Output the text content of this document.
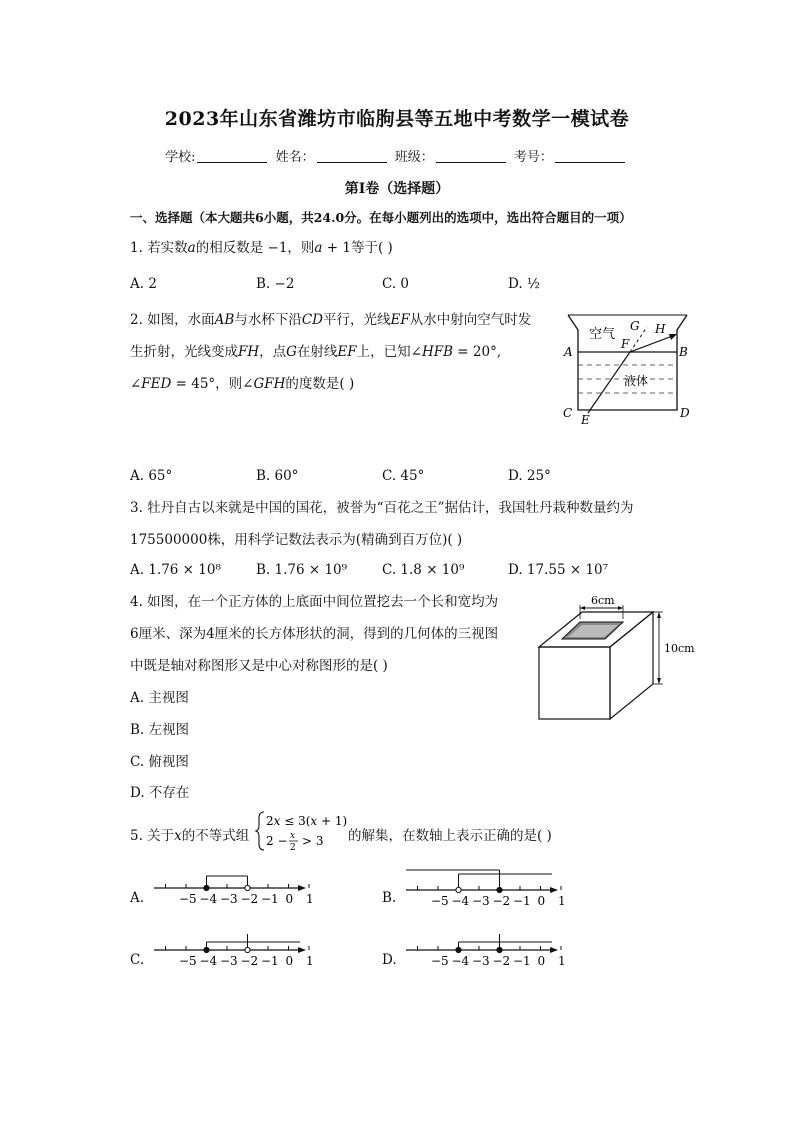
2023年山东省潍坊市临朐县等五地中考数学一模试卷
学校:	姓名：	班级：	考号：
第I卷（选择题）
一、选择题（本大题共6小题，共24.0分。在每小题列出的选项中，选出符合题目的一项）
1. 若实数𝑎的相反数是 −1，则𝑎 + 1等于( )
A. 2	B. −2	C. 0	D. ½
2. 如图，水面𝐴𝐵与水杯下沿𝐶𝐷平行，光线𝐸𝐹从水中射向空气时发
生折射，光线变成𝐹𝐻，点𝐺在射线𝐸𝐹上，已知∠𝐻𝐹𝐵 = 20°,
∠𝐹𝐸𝐷 = 45°，则∠𝐺𝐹𝐻的度数是( )
空气
液体
G H
F
A	B
C	D
E
A. 65°	B. 60°	C. 45°	D. 25°
3. 牡丹自古以来就是中国的国花，被誉为“百花之王”据估计，我国牡丹栽种数量约为
175500000株，用科学记数法表示为(精确到百万位)( )
A. 1.76 × 10⁸	B. 1.76 × 10⁹	C. 1.8 × 10⁹	D. 17.55 × 10⁷
4. 如图，在一个正方体的上底面中间位置挖去一个长和宽均为
6厘米、深为4厘米的长方体形状的洞，得到的几何体的三视图
中既是轴对称图形又是中心对称图形的是( )
A. 主视图
B. 左视图
C. 俯视图
D. 不存在
6cm
10cm
5. 关于𝑥的不等式组
2𝑥 ≤ 3(𝑥 + 1)
2 − 𝑥
2 > 3 的解集，在数轴上表示正确的是( )
A.	B.
C.	D.
−5 −4 −3 −2 −1 0 1	−5 −4 −3 −2 −1 0 1
−5 −4 −3 −2 −1 0 1	−5 −4 −3 −2 −1 0 1
